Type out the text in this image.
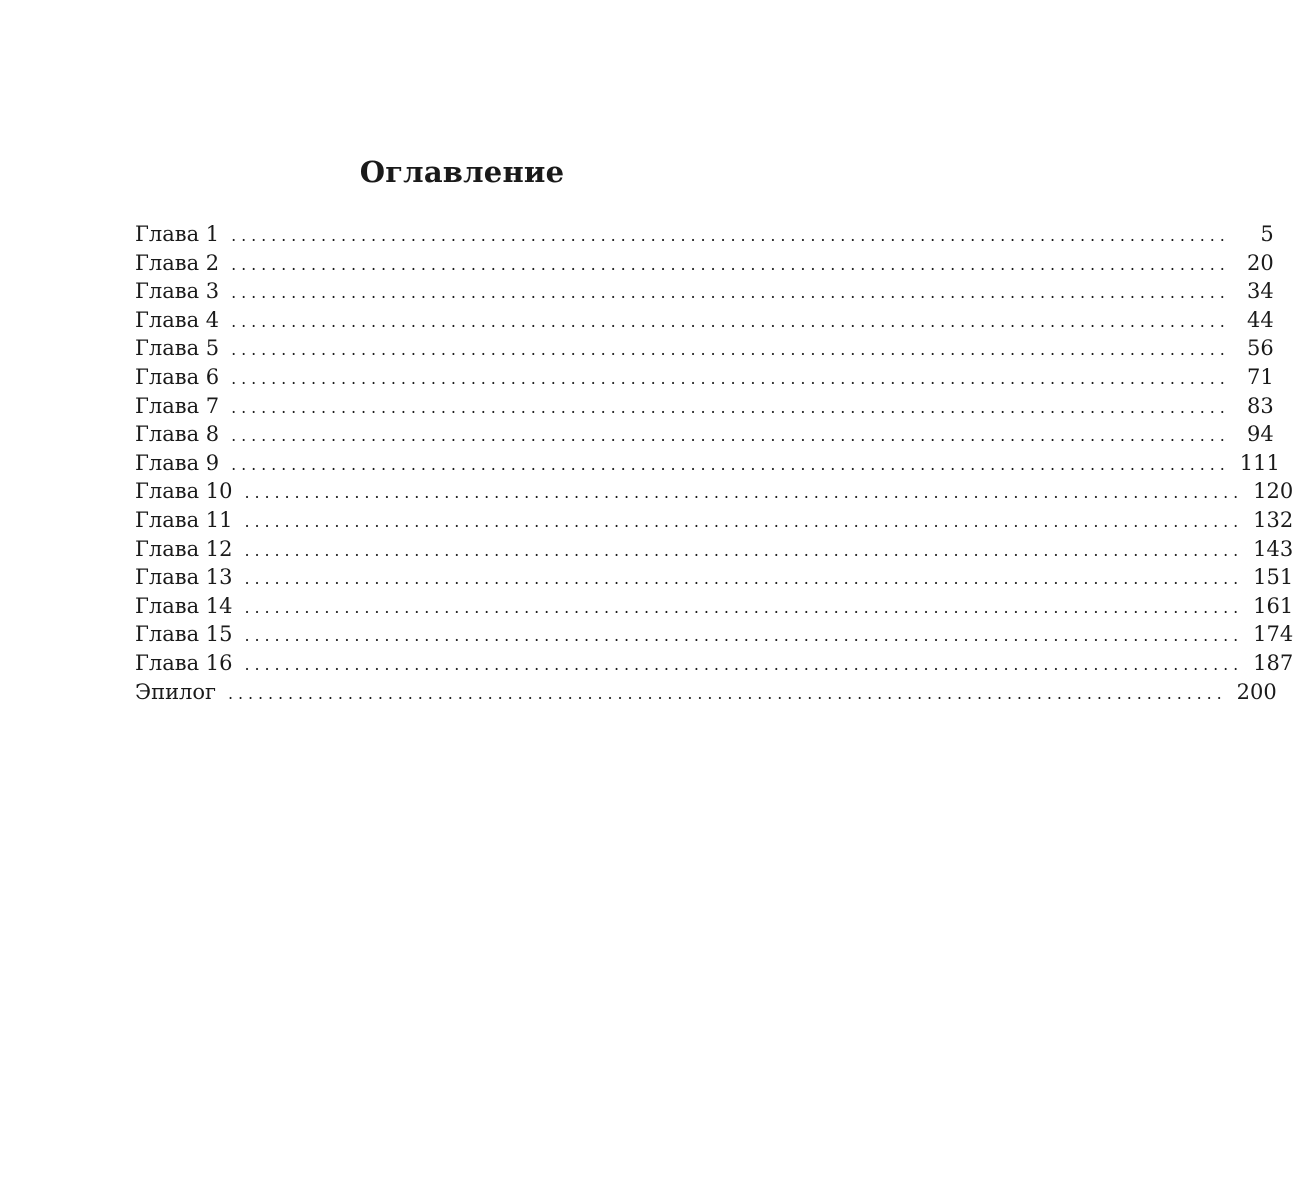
Оглавление
Глава 1 ....................................................................................................	5
Глава 2 .................................................................................................... 20
Глава 3 .................................................................................................... 34
Глава 4 .................................................................................................... 44
Глава 5 .................................................................................................... 56
Глава 6 .................................................................................................... 71
Глава 7 .................................................................................................... 83
Глава 8 .................................................................................................... 94
Глава 9 .................................................................................................... 111
Глава 10 .................................................................................................... 120
Глава 11 .................................................................................................... 132
Глава 12 .................................................................................................... 143
Глава 13 .................................................................................................... 151
Глава 14 .................................................................................................... 161
Глава 15 .................................................................................................... 174
Глава 16 .................................................................................................... 187
Эпилог .................................................................................................... 200
